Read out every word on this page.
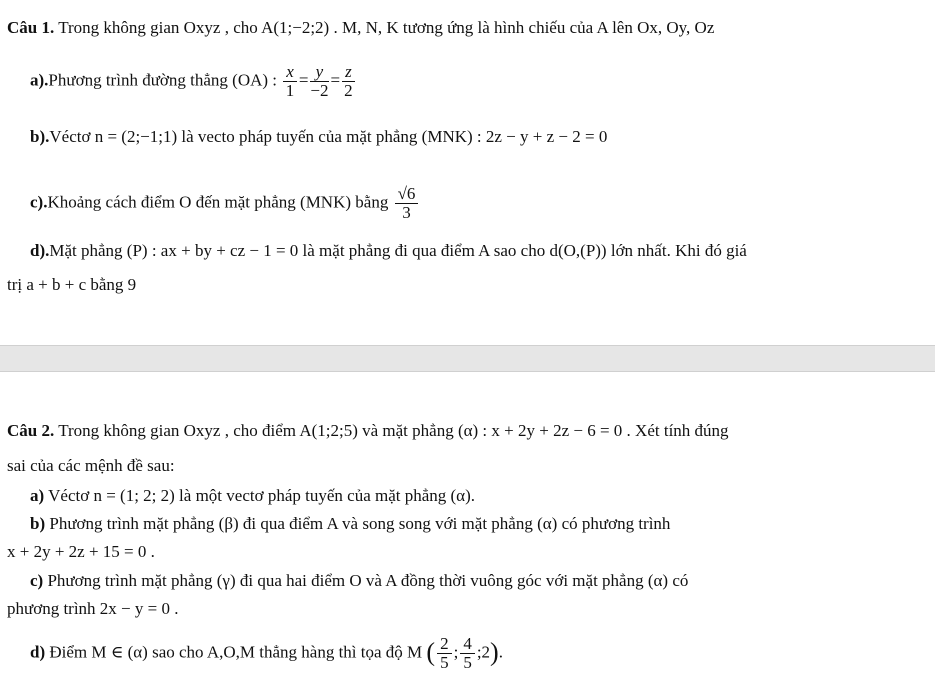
Câu 1. Trong không gian Oxyz , cho A(1;−2;2) . M, N, K tương ứng là hình chiếu của A lên Ox, Oy, Oz
a).Phương trình đường thẳng (OA) : $\frac{x}{1} = \frac{y}{-2} = \frac{z}{2}$
b).Véctơ n = (2;−1;1) là vecto pháp tuyến của mặt phẳng (MNK) : 2z − y + z − 2 = 0
c).Khoảng cách điểm O đến mặt phẳng (MNK) bằng $\frac{√6}{3}$
d).Mặt phẳng (P) : ax + by + cz − 1 = 0 là mặt phẳng đi qua điểm A sao cho d(O,(P)) lớn nhất. Khi đó giá
trị a + b + c bằng 9
Câu 2. Trong không gian Oxyz , cho điểm A(1;2;5) và mặt phẳng (α) : x + 2y + 2z − 6 = 0 . Xét tính đúng
sai của các mệnh đề sau:
a) Véctơ n = (1; 2; 2) là một vectơ pháp tuyến của mặt phẳng (α).
b) Phương trình mặt phẳng (β) đi qua điểm A và song song với mặt phẳng (α) có phương trình
x + 2y + 2z + 15 = 0 .
c) Phương trình mặt phẳng (γ) đi qua hai điểm O và A đồng thời vuông góc với mặt phẳng (α) có
phương trình 2x − y = 0 .
d) Điểm M ∈ (α) sao cho A,O,M thẳng hàng thì tọa độ M ( $\frac{2}{5}$ ; $\frac{4}{5}$ ;2).
